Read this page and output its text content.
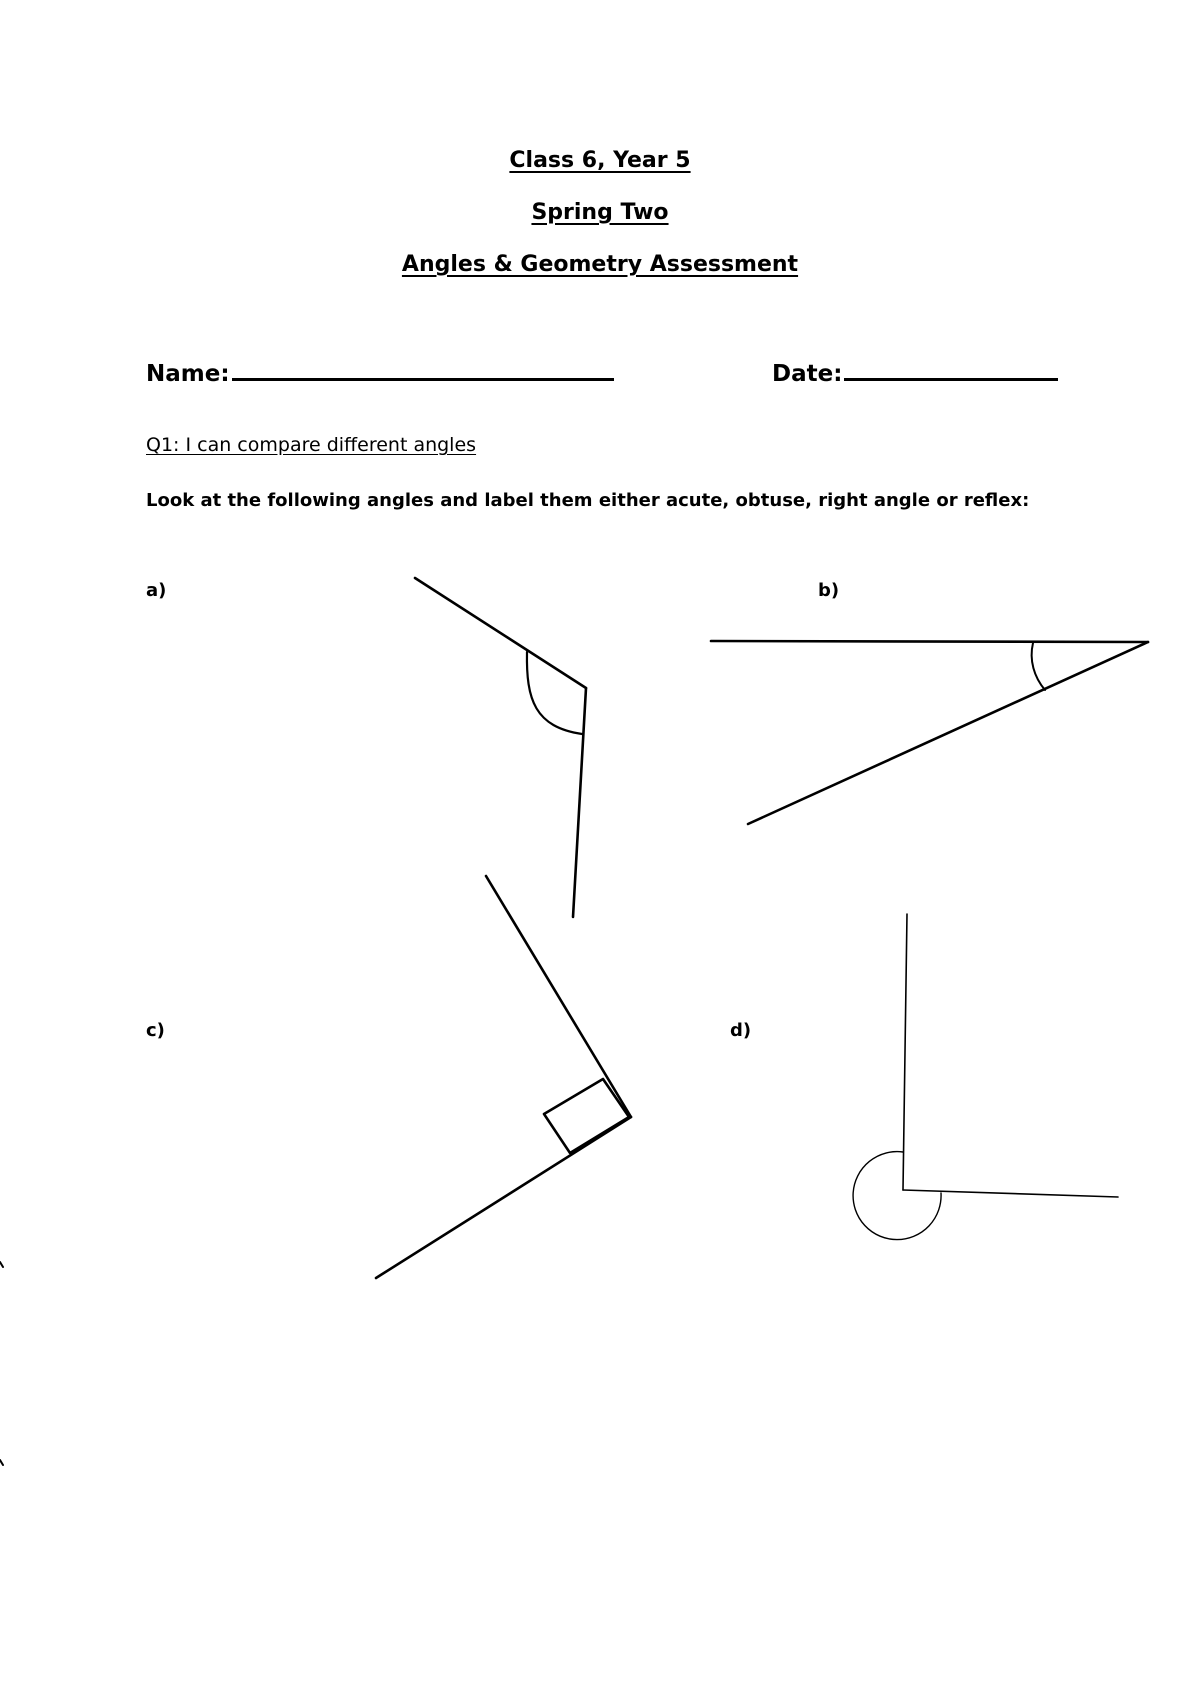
Class 6, Year 5
Spring Two
Angles & Geometry Assessment
Name:	Date:
Q1: I can compare different angles
Look at the following angles and label them either acute, obtuse, right angle or reflex:
a)	b)
c)	d)
